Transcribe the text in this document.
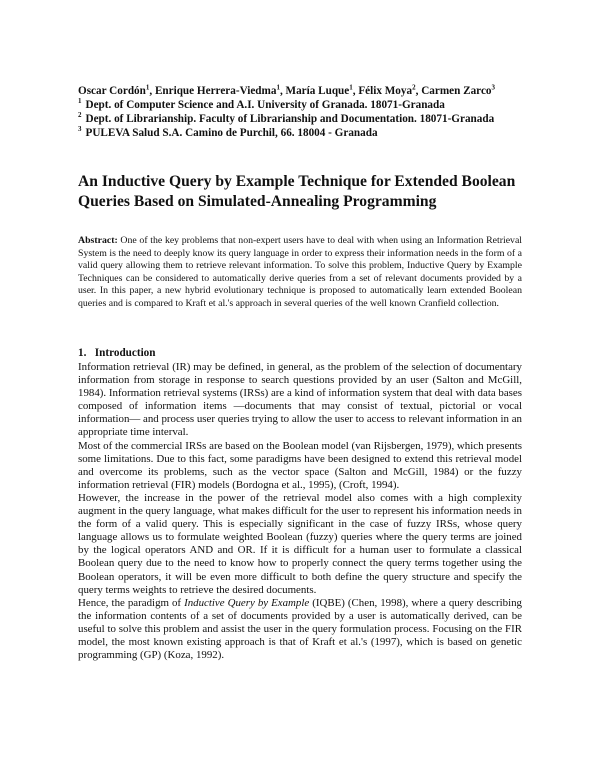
Oscar Cordón$^1$, Enrique Herrera-Viedma$^1$, María Luque$^1$, Félix Moya$^2$, Carmen Zarco$^3$
$^1$ Dept. of Computer Science and A.I. University of Granada. 18071-Granada
$^2$ Dept. of Librarianship. Faculty of Librarianship and Documentation. 18071-Granada
$^3$ PULEVA Salud S.A. Camino de Purchil, 66. 18004 - Granada
An Inductive Query by Example Technique for Extended Boolean Queries Based on Simulated-Annealing Programming

Abstract: One of the key problems that non-expert users have to deal with when using an Information Retrieval System is the need to deeply know its query language in order to express their information needs in the form of a valid query allowing them to retrieve relevant information. To solve this problem, Inductive Query by Example Techniques can be considered to automatically derive queries from a set of relevant documents provided by a user. In this paper, a new hybrid evolutionary technique is proposed to automatically learn extended Boolean queries and is compared to Kraft et al.'s approach in several queries of the well known Cranfield collection.

1.   Introduction

Information retrieval (IR) may be defined, in general, as the problem of the selection of documentary information from storage in response to search questions provided by an user (Salton and McGill, 1984). Information retrieval systems (IRSs) are a kind of information system that deal with data bases composed of information items —documents that may consist of textual, pictorial or vocal information— and process user queries trying to allow the user to access to relevant information in an appropriate time interval.

Most of the commercial IRSs are based on the Boolean model (van Rijsbergen, 1979), which presents some limitations. Due to this fact, some paradigms have been designed to extend this retrieval model and overcome its problems, such as the vector space (Salton and McGill, 1984) or the fuzzy information retrieval (FIR) models (Bordogna et al., 1995), (Croft, 1994).

However, the increase in the power of the retrieval model also comes with a high complexity augment in the query language, what makes difficult for the user to represent his information needs in the form of a valid query. This is especially significant in the case of fuzzy IRSs, whose query language allows us to formulate weighted Boolean (fuzzy) queries where the query terms are joined by the logical operators AND and OR. If it is difficult for a human user to formulate a classical Boolean query due to the need to know how to properly connect the query terms together using the Boolean operators, it will be even more difficult to both define the query structure and specify the query terms weights to retrieve the desired documents.

Hence, the paradigm of Inductive Query by Example (IQBE) (Chen, 1998), where a query describing the information contents of a set of documents provided by a user is automatically derived, can be useful to solve this problem and assist the user in the query formulation process. Focusing on the FIR model, the most known existing approach is that of Kraft et al.'s (1997), which is based on genetic programming (GP) (Koza, 1992).
